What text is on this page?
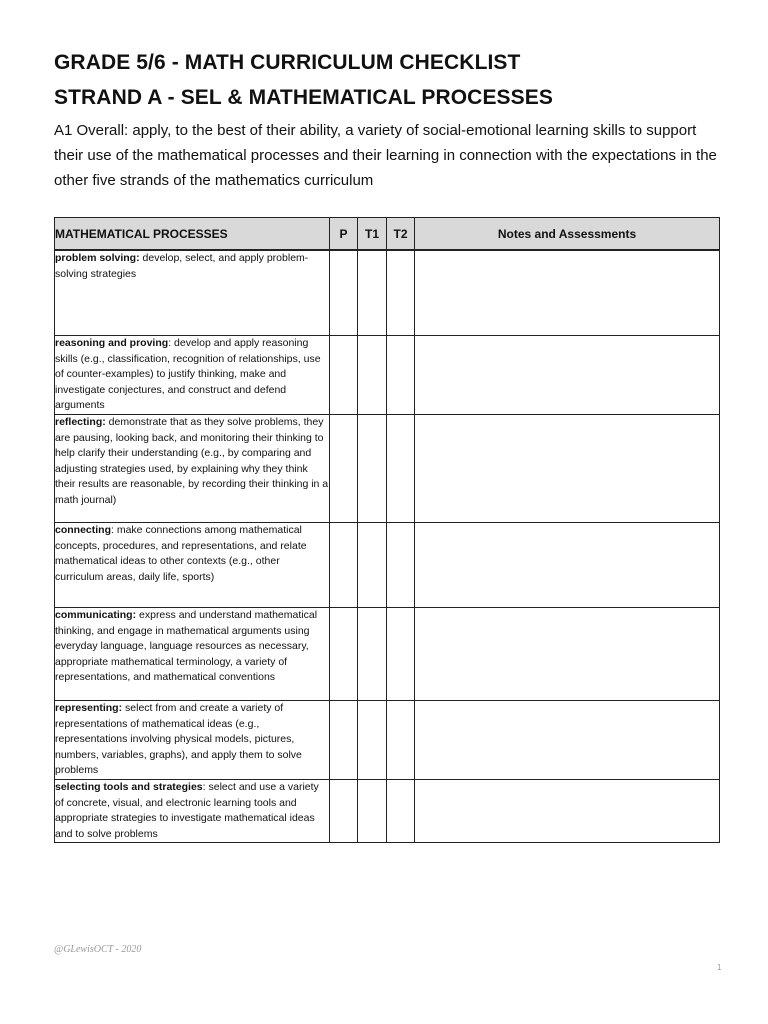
GRADE 5/6 - MATH CURRICULUM CHECKLIST
STRAND A - SEL & MATHEMATICAL PROCESSES

A1 Overall: apply, to the best of their ability, a variety of social-emotional learning skills to support their use of the mathematical processes and their learning in connection with the expectations in the other five strands of the mathematics curriculum

MATHEMATICAL PROCESSES	P	T1	T2	Notes and Assessments
problem solving: develop, select, and apply problem-solving strategies				
reasoning and proving: develop and apply reasoning skills (e.g., classification, recognition of relationships, use of counter-examples) to justify thinking, make and investigate conjectures, and construct and defend arguments				
reflecting: demonstrate that as they solve problems, they are pausing, looking back, and monitoring their thinking to help clarify their understanding (e.g., by comparing and adjusting strategies used, by explaining why they think their results are reasonable, by recording their thinking in a math journal)				
connecting: make connections among mathematical concepts, procedures, and representations, and relate mathematical ideas to other contexts (e.g., other curriculum areas, daily life, sports)				
communicating: express and understand mathematical thinking, and engage in mathematical arguments using everyday language, language resources as necessary, appropriate mathematical terminology, a variety of representations, and mathematical conventions				
representing: select from and create a variety of representations of mathematical ideas (e.g., representations involving physical models, pictures, numbers, variables, graphs), and apply them to solve problems				
selecting tools and strategies: select and use a variety of concrete, visual, and electronic learning tools and appropriate strategies to investigate mathematical ideas and to solve problems				

@GLewisOCT - 2020

1
